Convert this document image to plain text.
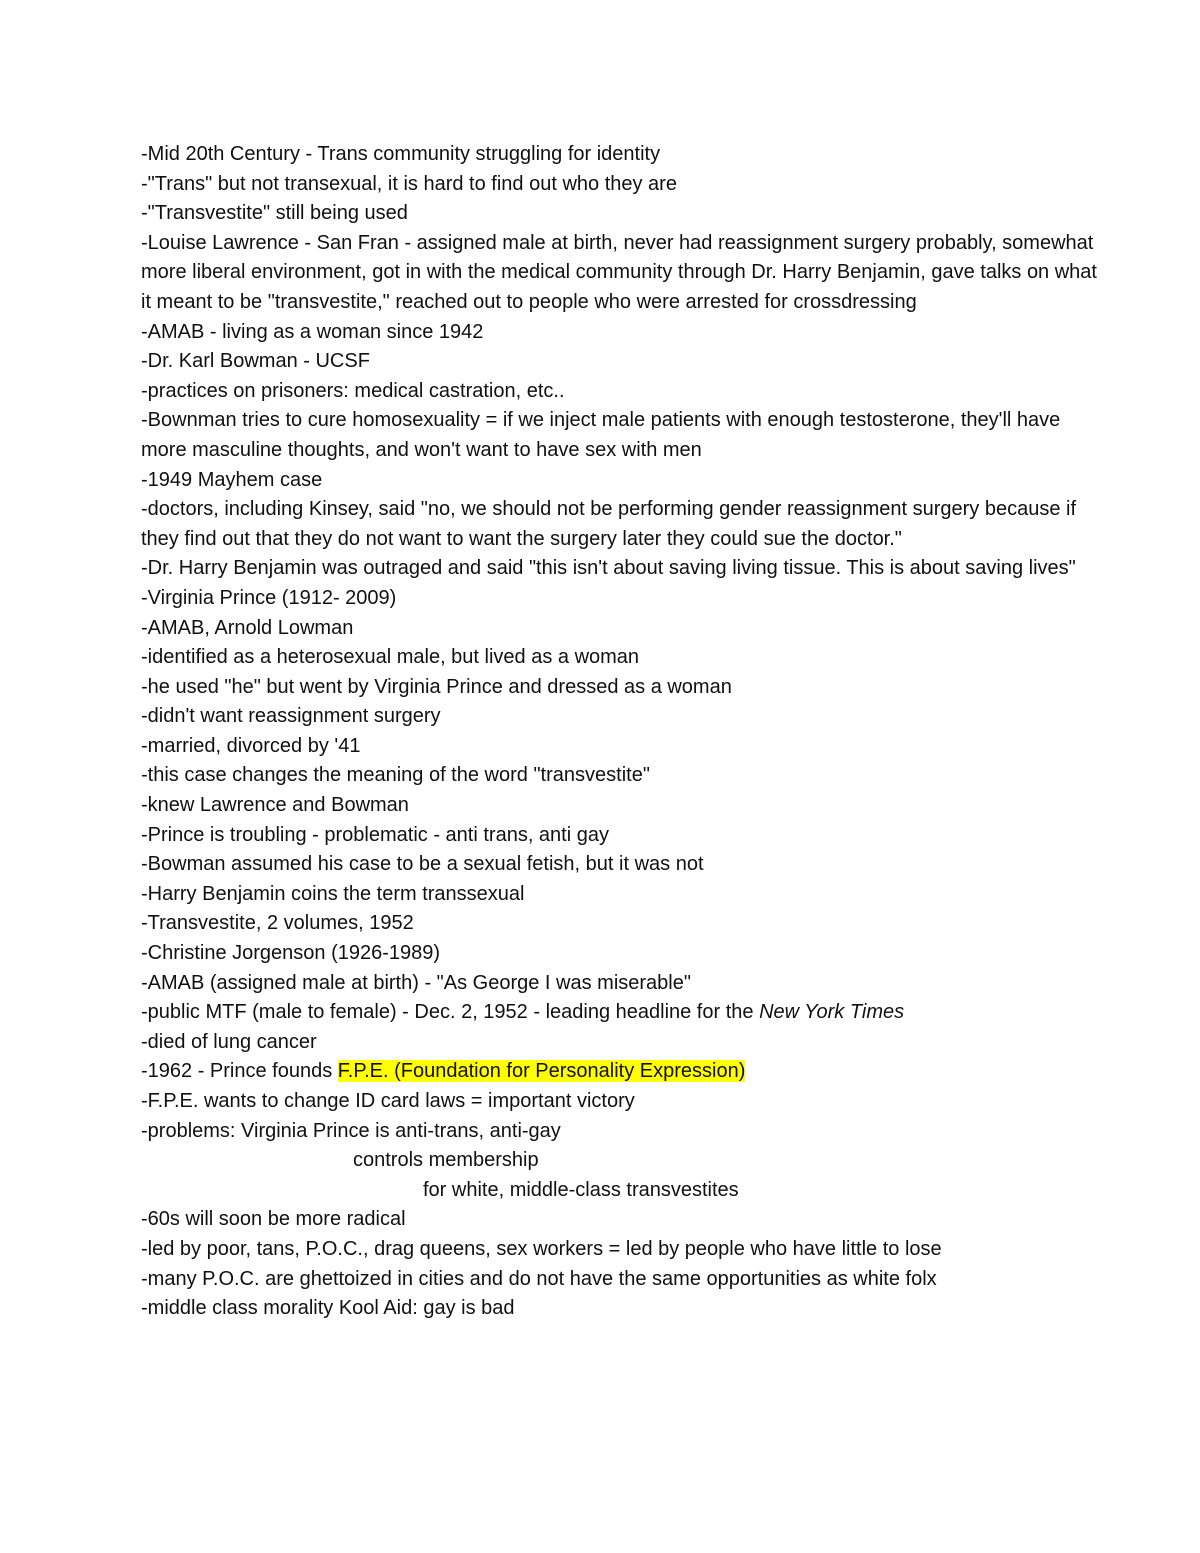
-Mid 20th Century - Trans community struggling for identity
-"Trans" but not transexual, it is hard to find out who they are
-"Transvestite" still being used
-Louise Lawrence - San Fran - assigned male at birth, never had reassignment surgery probably, somewhat more liberal environment, got in with the medical community through Dr. Harry Benjamin, gave talks on what it meant to be "transvestite," reached out to people who were arrested for crossdressing
-AMAB - living as a woman since 1942
-Dr. Karl Bowman - UCSF
-practices on prisoners: medical castration, etc..
-Bownman tries to cure homosexuality = if we inject male patients with enough testosterone, they'll have more masculine thoughts, and won't want to have sex with men
-1949 Mayhem case
-doctors, including Kinsey, said "no, we should not be performing gender reassignment surgery because if they find out that they do not want to want the surgery later they could sue the doctor."
-Dr. Harry Benjamin was outraged and said "this isn't about saving living tissue. This is about saving lives"
-Virginia Prince (1912- 2009)
-AMAB, Arnold Lowman
-identified as a heterosexual male, but lived as a woman
-he used "he" but went by Virginia Prince and dressed as a woman
-didn't want reassignment surgery
-married, divorced by '41
-this case changes the meaning of the word "transvestite"
-knew Lawrence and Bowman
-Prince is troubling - problematic - anti trans, anti gay
-Bowman assumed his case to be a sexual fetish, but it was not
-Harry Benjamin coins the term transsexual
-Transvestite, 2 volumes, 1952
-Christine Jorgenson (1926-1989)
-AMAB (assigned male at birth) - "As George I was miserable"
-public MTF (male to female) - Dec. 2, 1952 - leading headline for the New York Times
-died of lung cancer
-1962 - Prince founds F.P.E. (Foundation for Personality Expression)
-F.P.E. wants to change ID card laws = important victory
-problems: Virginia Prince is anti-trans, anti-gay
controls membership
for white, middle-class transvestites
-60s will soon be more radical
-led by poor, tans, P.O.C., drag queens, sex workers = led by people who have little to lose
-many P.O.C. are ghettoized in cities and do not have the same opportunities as white folx
-middle class morality Kool Aid: gay is bad
